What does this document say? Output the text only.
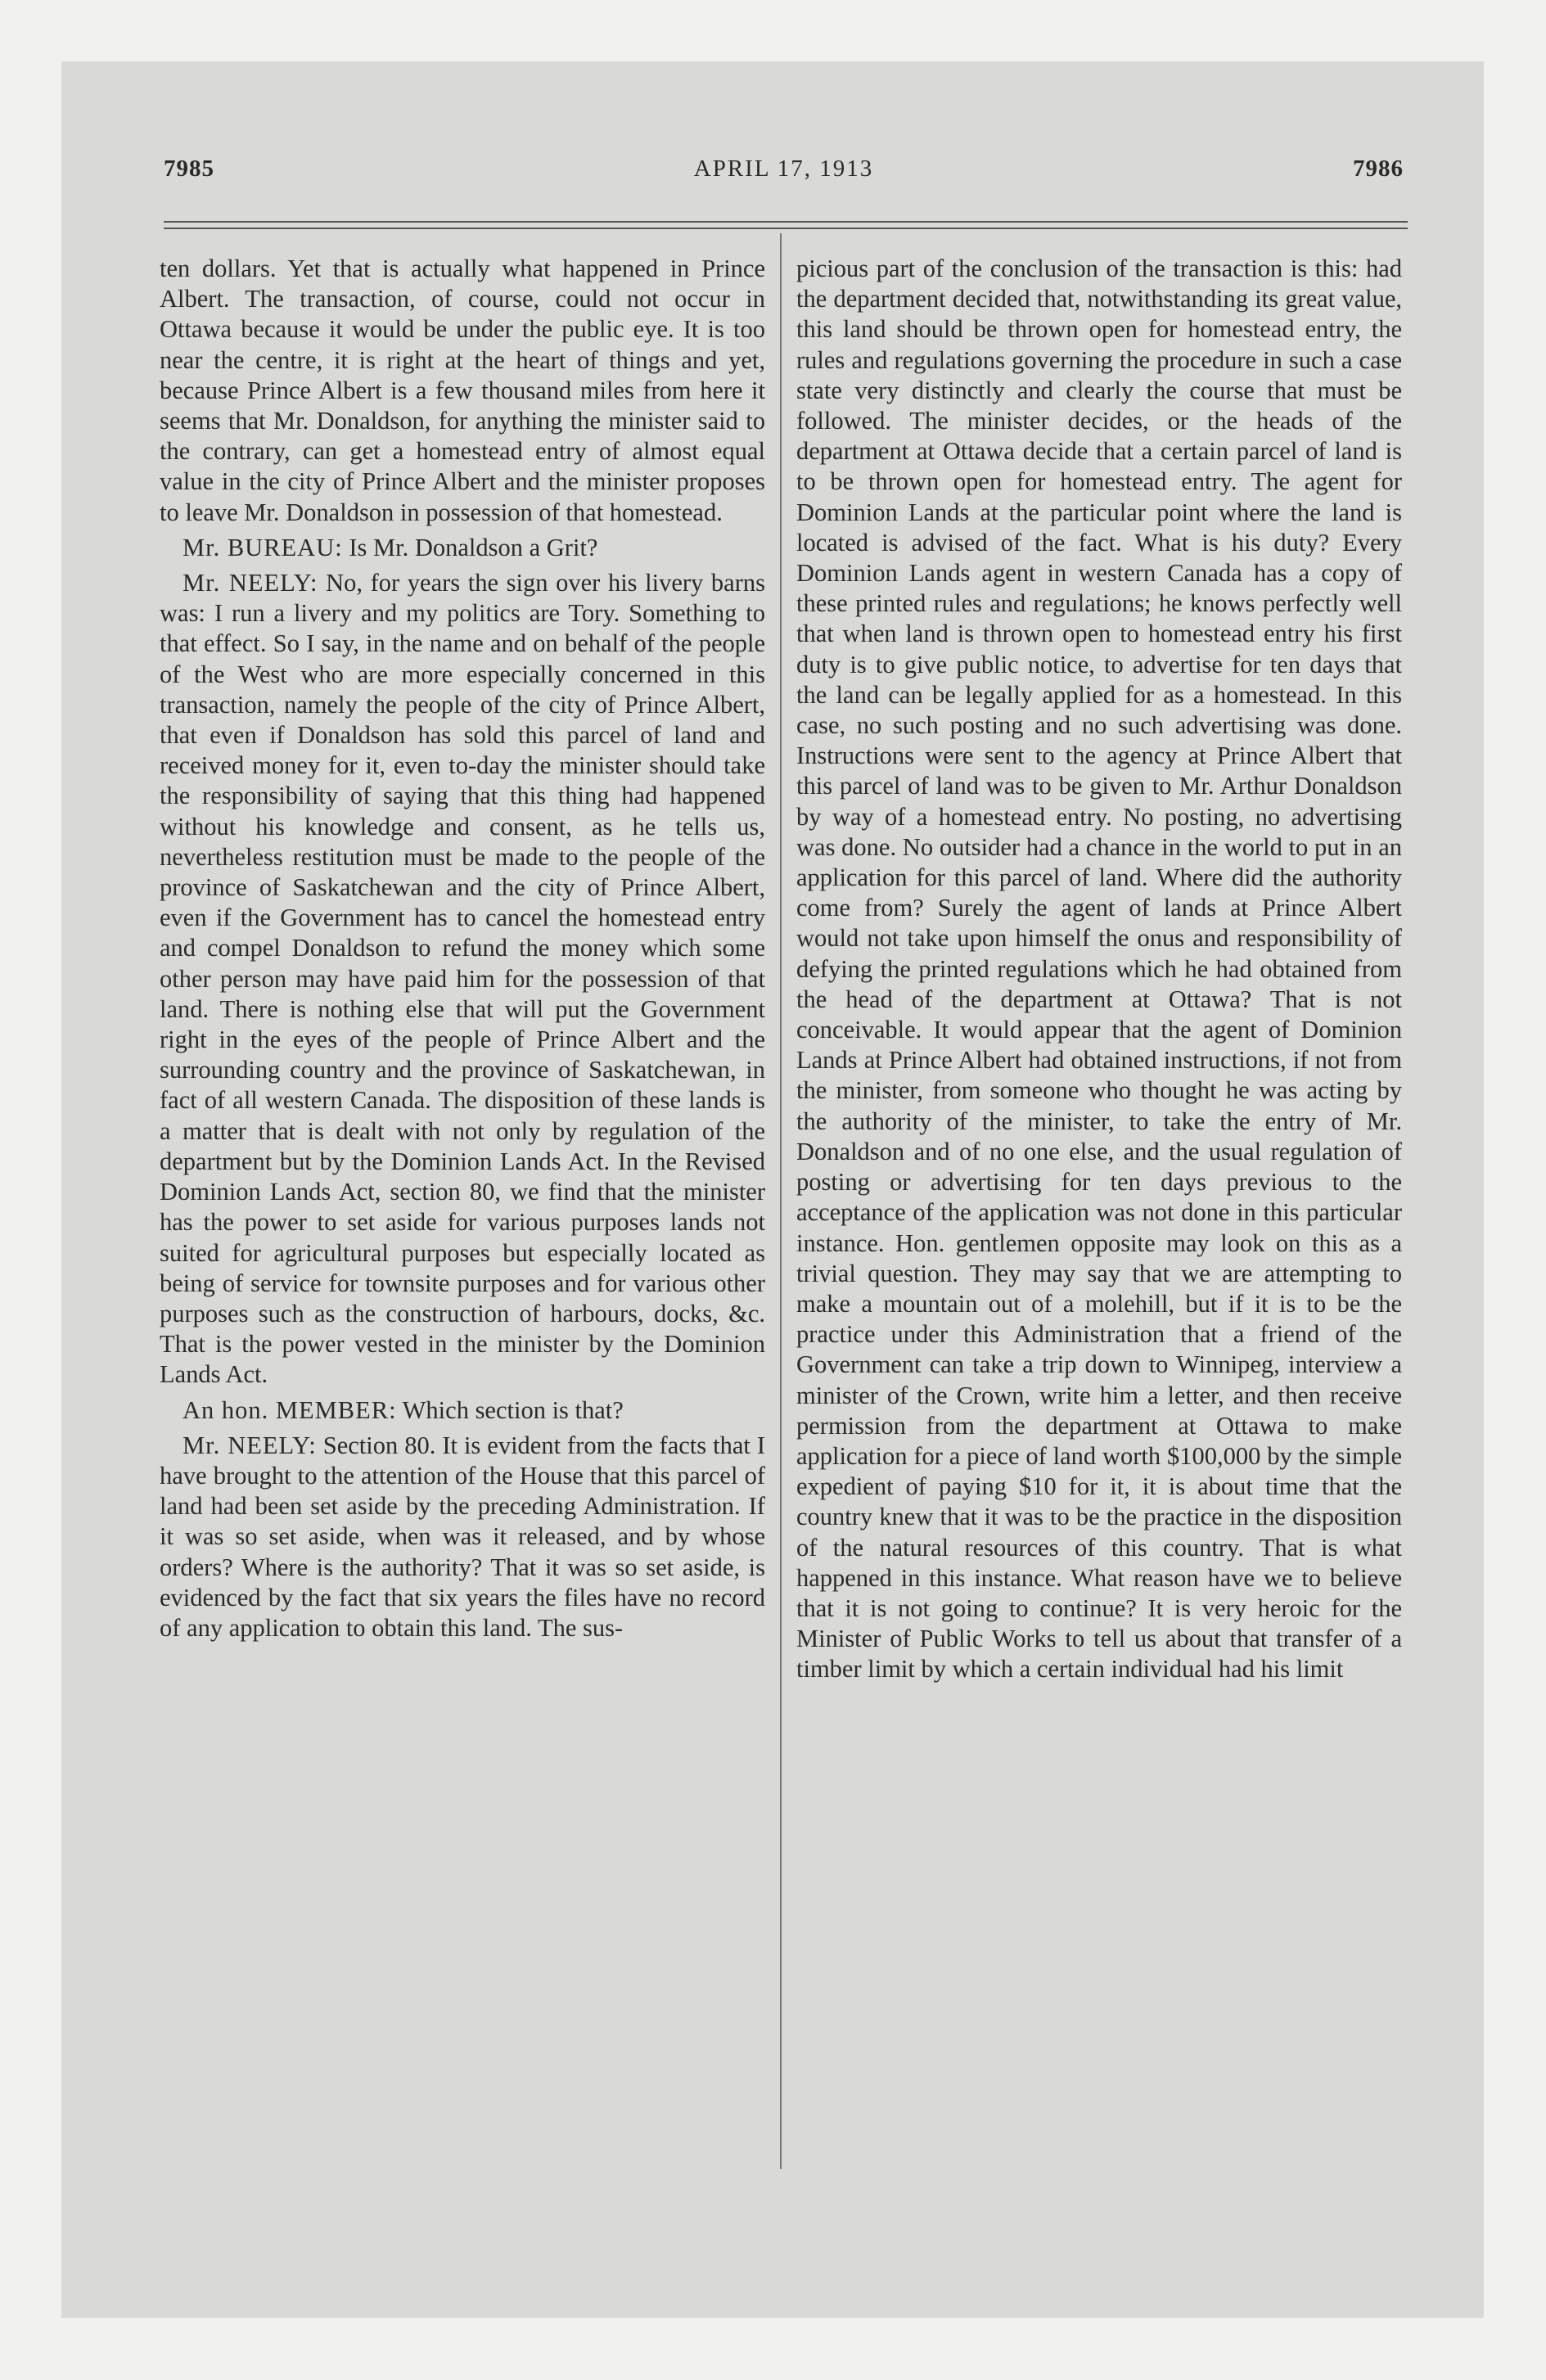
7985	APRIL 17, 1913	7986

ten dollars. Yet that is actually what happened in Prince Albert. The transaction, of course, could not occur in Ottawa because it would be under the public eye. It is too near the centre, it is right at the heart of things and yet, because Prince Albert is a few thousand miles from here it seems that Mr. Donaldson, for anything the minister said to the contrary, can get a homestead entry of almost equal value in the city of Prince Albert and the minister proposes to leave Mr. Donaldson in possession of that homestead.

Mr. BUREAU: Is Mr. Donaldson a Grit?

Mr. NEELY: No, for years the sign over his livery barns was: I run a livery and my politics are Tory. Something to that effect. So I say, in the name and on behalf of the people of the West who are more especially concerned in this transaction, namely the people of the city of Prince Albert, that even if Donaldson has sold this parcel of land and received money for it, even to-day the minister should take the responsibility of saying that this thing had happened without his knowledge and consent, as he tells us, nevertheless restitution must be made to the people of the province of Saskatchewan and the city of Prince Albert, even if the Government has to cancel the homestead entry and compel Donaldson to refund the money which some other person may have paid him for the possession of that land. There is nothing else that will put the Government right in the eyes of the people of Prince Albert and the surrounding country and the province of Saskatchewan, in fact of all western Canada. The disposition of these lands is a matter that is dealt with not only by regulation of the department but by the Dominion Lands Act. In the Revised Dominion Lands Act, section 80, we find that the minister has the power to set aside for various purposes lands not suited for agricultural purposes but especially located as being of service for townsite purposes and for various other purposes such as the construction of harbours, docks, &c. That is the power vested in the minister by the Dominion Lands Act.

An hon. MEMBER: Which section is that?

Mr. NEELY: Section 80. It is evident from the facts that I have brought to the attention of the House that this parcel of land had been set aside by the preceding Administration. If it was so set aside, when was it released, and by whose orders? Where is the authority? That it was so set aside, is evidenced by the fact that six years the files have no record of any application to obtain this land. The sus-

picious part of the conclusion of the transaction is this: had the department decided that, notwithstanding its great value, this land should be thrown open for homestead entry, the rules and regulations governing the procedure in such a case state very distinctly and clearly the course that must be followed. The minister decides, or the heads of the department at Ottawa decide that a certain parcel of land is to be thrown open for homestead entry. The agent for Dominion Lands at the particular point where the land is located is advised of the fact. What is his duty? Every Dominion Lands agent in western Canada has a copy of these printed rules and regulations; he knows perfectly well that when land is thrown open to homestead entry his first duty is to give public notice, to advertise for ten days that the land can be legally applied for as a homestead. In this case, no such posting and no such advertising was done. Instructions were sent to the agency at Prince Albert that this parcel of land was to be given to Mr. Arthur Donaldson by way of a homestead entry. No posting, no advertising was done. No outsider had a chance in the world to put in an application for this parcel of land. Where did the authority come from? Surely the agent of lands at Prince Albert would not take upon himself the onus and responsibility of defying the printed regulations which he had obtained from the head of the department at Ottawa? That is not conceivable. It would appear that the agent of Dominion Lands at Prince Albert had obtained instructions, if not from the minister, from someone who thought he was acting by the authority of the minister, to take the entry of Mr. Donaldson and of no one else, and the usual regulation of posting or advertising for ten days previous to the acceptance of the application was not done in this particular instance. Hon. gentlemen opposite may look on this as a trivial question. They may say that we are attempting to make a mountain out of a molehill, but if it is to be the practice under this Administration that a friend of the Government can take a trip down to Winnipeg, interview a minister of the Crown, write him a letter, and then receive permission from the department at Ottawa to make application for a piece of land worth $100,000 by the simple expedient of paying $10 for it, it is about time that the country knew that it was to be the practice in the disposition of the natural resources of this country. That is what happened in this instance. What reason have we to believe that it is not going to continue? It is very heroic for the Minister of Public Works to tell us about that transfer of a timber limit by which a certain individual had his limit
